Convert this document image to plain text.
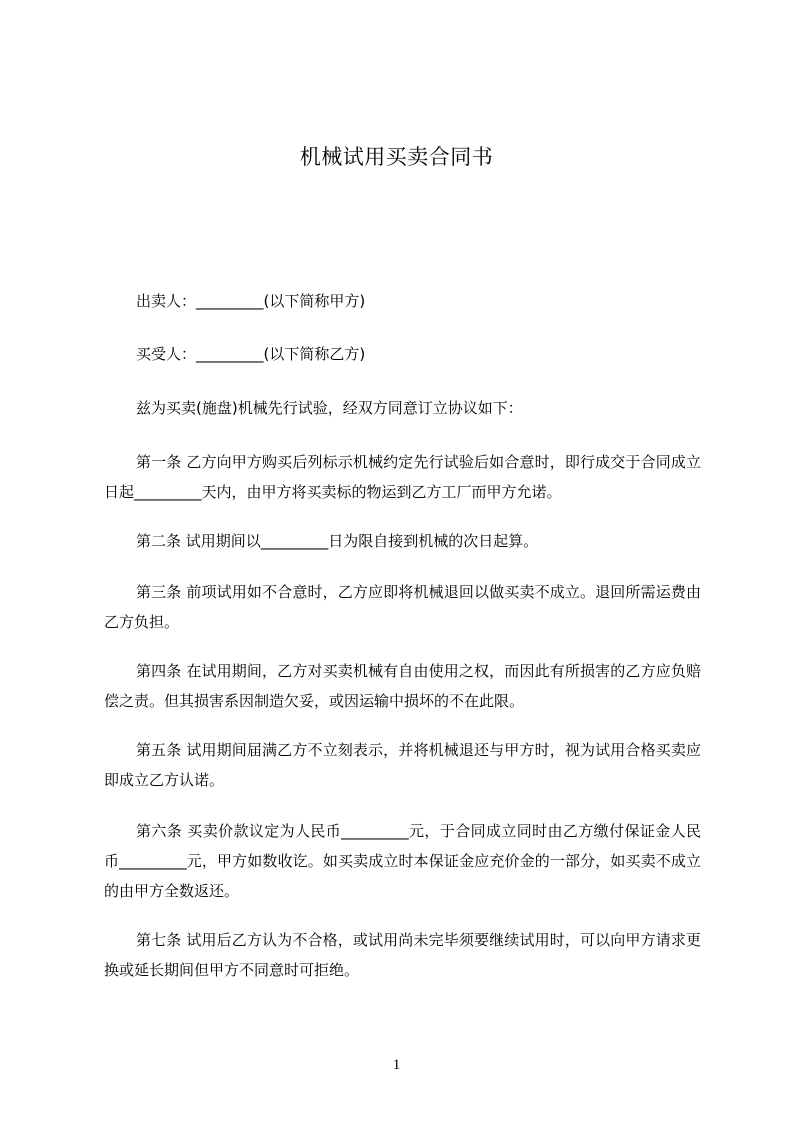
机械试用买卖合同书

出卖人：_________(以下简称甲方)

买受人：_________(以下简称乙方)

兹为买卖(施盘)机械先行试验，经双方同意订立协议如下：

第一条 乙方向甲方购买后列标示机械约定先行试验后如合意时，即行成交于合同成立日起_________天内，由甲方将买卖标的物运到乙方工厂而甲方允诺。

第二条 试用期间以_________日为限自接到机械的次日起算。

第三条 前项试用如不合意时，乙方应即将机械退回以做买卖不成立。退回所需运费由乙方负担。

第四条 在试用期间，乙方对买卖机械有自由使用之权，而因此有所损害的乙方应负赔偿之责。但其损害系因制造欠妥，或因运输中损坏的不在此限。

第五条 试用期间届满乙方不立刻表示，并将机械退还与甲方时，视为试用合格买卖应即成立乙方认诺。

第六条 买卖价款议定为人民币_________元，于合同成立同时由乙方缴付保证金人民币_________元，甲方如数收讫。如买卖成立时本保证金应充价金的一部分，如买卖不成立的由甲方全数返还。

第七条 试用后乙方认为不合格，或试用尚未完毕须要继续试用时，可以向甲方请求更换或延长期间但甲方不同意时可拒绝。

1
